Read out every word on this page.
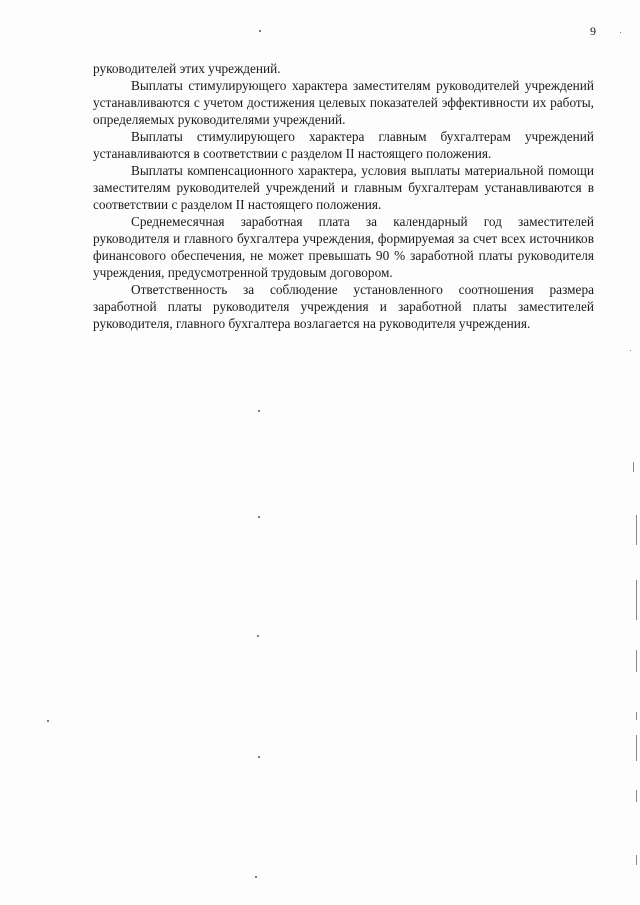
9

руководителей этих учреждений.

Выплаты стимулирующего характера заместителям руководителей учреждений устанавливаются с учетом достижения целевых показателей эффективности их работы, определяемых руководителями учреждений.

Выплаты стимулирующего характера главным бухгалтерам учреждений устанавливаются в соответствии с разделом II настоящего положения.

Выплаты компенсационного характера, условия выплаты материальной помощи заместителям руководителей учреждений и главным бухгалтерам устанавливаются в соответствии с разделом II настоящего положения.

Среднемесячная заработная плата за календарный год заместителей руководителя и главного бухгалтера учреждения, формируемая за счет всех источников финансового обеспечения, не может превышать 90 % заработной платы руководителя учреждения, предусмотренной трудовым договором.

Ответственность за соблюдение установленного соотношения размера заработной платы руководителя учреждения и заработной платы заместителей руководителя, главного бухгалтера возлагается на руководителя учреждения.
